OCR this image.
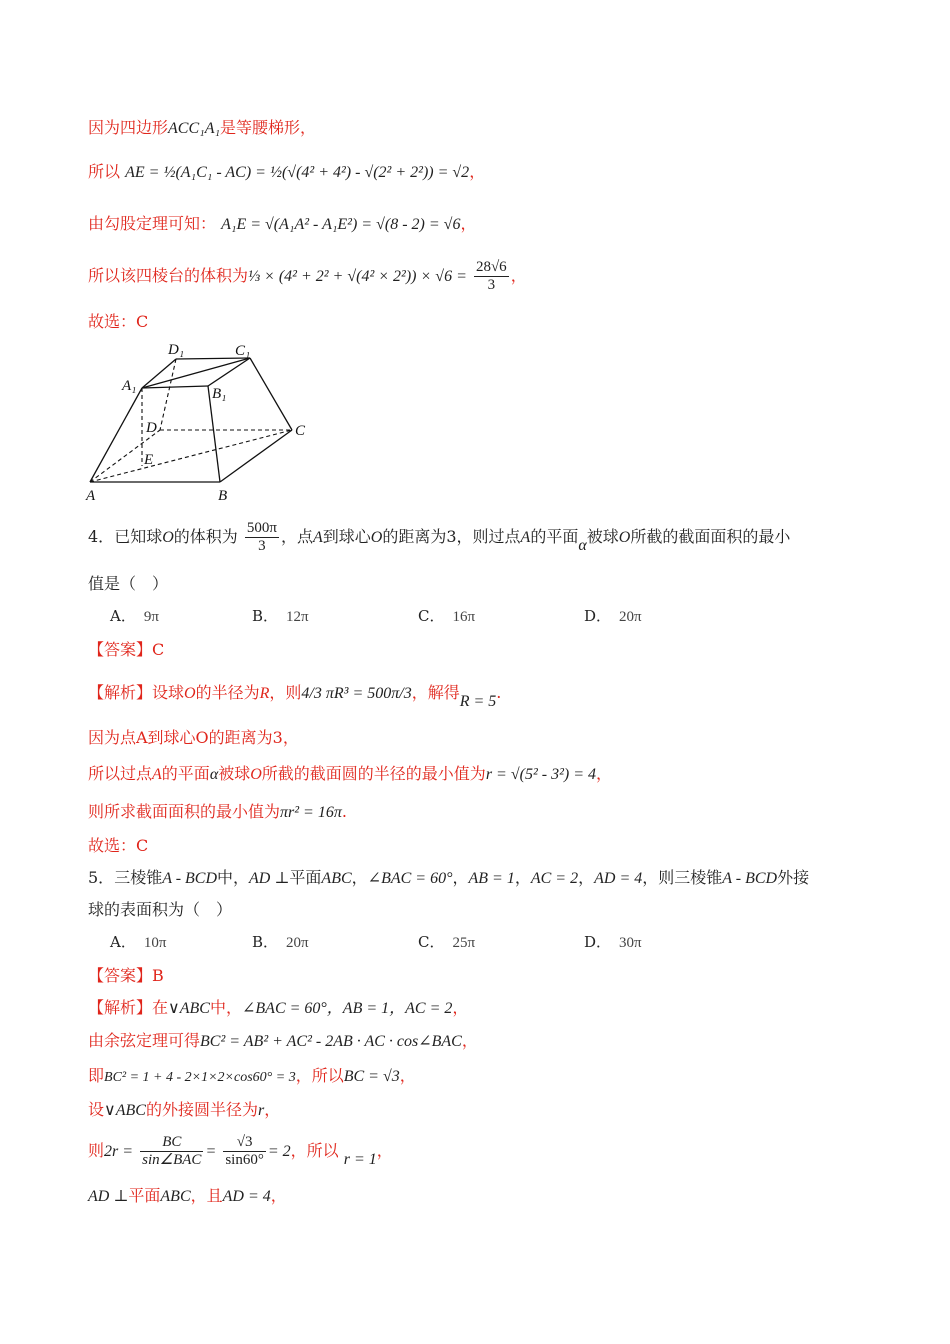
因为四边形ACC₁A₁是等腰梯形，
所以 AE = ½(A₁C₁ - AC) = ½(√(4² + 4²) - √(2² + 2²)) = √2，
由勾股定理可知： A₁E = √(A₁A² - A₁E²) = √(8 - 2) = √6，
所以该四棱台的体积为⅓ × $(4^2 + 2^2 + √(4^2 \times 2^2)) \times √6 = \frac{28√6}{3}$ ，
故选：C
D₁	C₁
A₁	B₁
D	C
E
A	B
4．已知球O的体积为 $\frac{500\pi}{3}$ ，点A到球心O的距离为3，则过点A的平面α被球O所截的截面面积的最小
值是（　）
A． 9π	B． 12π	C． 16π	D． 20π
【答案】C
【解析】设球O的半径为R，则4/3 πR³ = 500π/3，解得R = 5.
因为点A到球心O的距离为3，
所以过点A的平面α被球O所截的截面圆的半径的最小值为r = √(5² - 3²) = 4，
则所求截面面积的最小值为πr² = 16π.
故选：C
5．三棱锥A - BCD中，AD ⊥平面ABC，∠BAC = 60°，AB = 1，AC = 2，AD = 4，则三棱锥A - BCD外接
球的表面积为（　）
A． 10π	B． 20π	C． 25π	D． 30π
【答案】B
【解析】在∨ABC中，∠BAC = 60°，AB = 1，AC = 2，
由余弦定理可得BC² = AB² + AC² - 2AB · AC · cos∠BAC，
即BC² = 1 + 4 - 2×1×2×cos60° = 3，所以BC = √3，
设∨ABC的外接圆半径为r，
则$2r = \frac{BC}{\text{sin∠BAC}} = \frac{√3}{\sin 60^\circ} = 2$，所以 r = 1，
AD ⊥平面ABC，且AD = 4，
